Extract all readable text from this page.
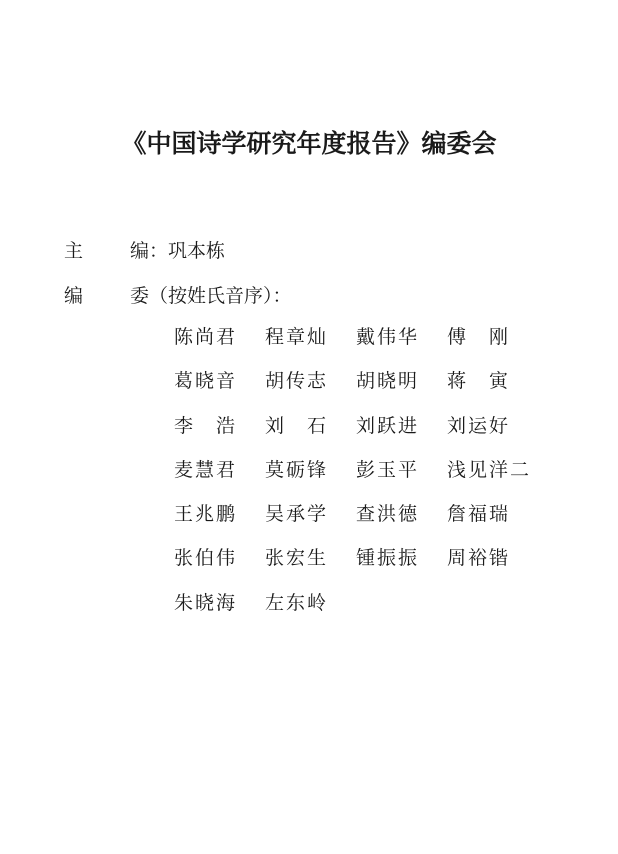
《中国诗学研究年度报告》编委会
主 编：巩本栋
编 委（按姓氏音序）：
陈尚君	程章灿	戴伟华	傅　刚
葛晓音	胡传志	胡晓明	蒋　寅
李　浩	刘　石	刘跃进	刘运好
麦慧君	莫砺锋	彭玉平	浅见洋二
王兆鹏	吴承学	查洪德	詹福瑞
张伯伟	张宏生	锺振振	周裕锴
朱晓海	左东岭
